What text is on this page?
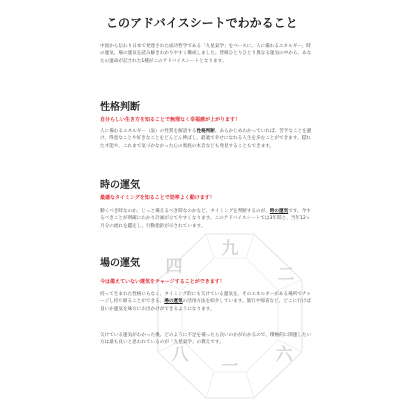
このアドバイスシートでわかること

中国から伝わり日本で発達された成功哲学である「九星氣学」をベースに、人に備わるエネルギー、時の運気、場の運気を読み解きわかりやすく構成しました。皆様ひとりひとり異なる運気の中から、あなたの運命が記された1種がこのアドバイスシートとなります。

性格判断
自分らしい生き方を知ることで無理なく幸福感が上がります！

人に備わるエネルギー（氣）の性質を解読する性格判断。あらかじめわかっていれば、苦手なことを避け、得意なことや好きなことをどんどん伸ばし、最適で幸せになれる人生を歩むことができます。隠れた才能や、これまで気づかなかった心の奥底の本音なども発見することもできます。

時の運気
最適なタイミングを知ることで効率よく動けます！

動くべき時なのか、じっと備えるべき時なのかなど、タイミングを判断するのが、時の運気です。今するべきことが明確にわかり計画が立てやすくなります。このアドバイスシートでは3年間と、当年12ヶ月分の流れを鑑定し、行動指針が示されています。

九
四	二
八
一
六
場の運気
今は備えていない運気をチャージすることができます！

持って生まれた性格にもなく、タイミング的にも欠けている運気を、そのエネルギーがある場所でチャージし持ち帰ることができる、場の運気の活用方法を紹介しています。旅行や帰省など、どこに行けば良いか運気を味方にお出かけができるようになります。

欠けている運気がわかった後、どのように不足を補ったら良いのかがわかるので、積極的に開運したい方は最も良いと思われているのが「九星氣学」の教えです。
